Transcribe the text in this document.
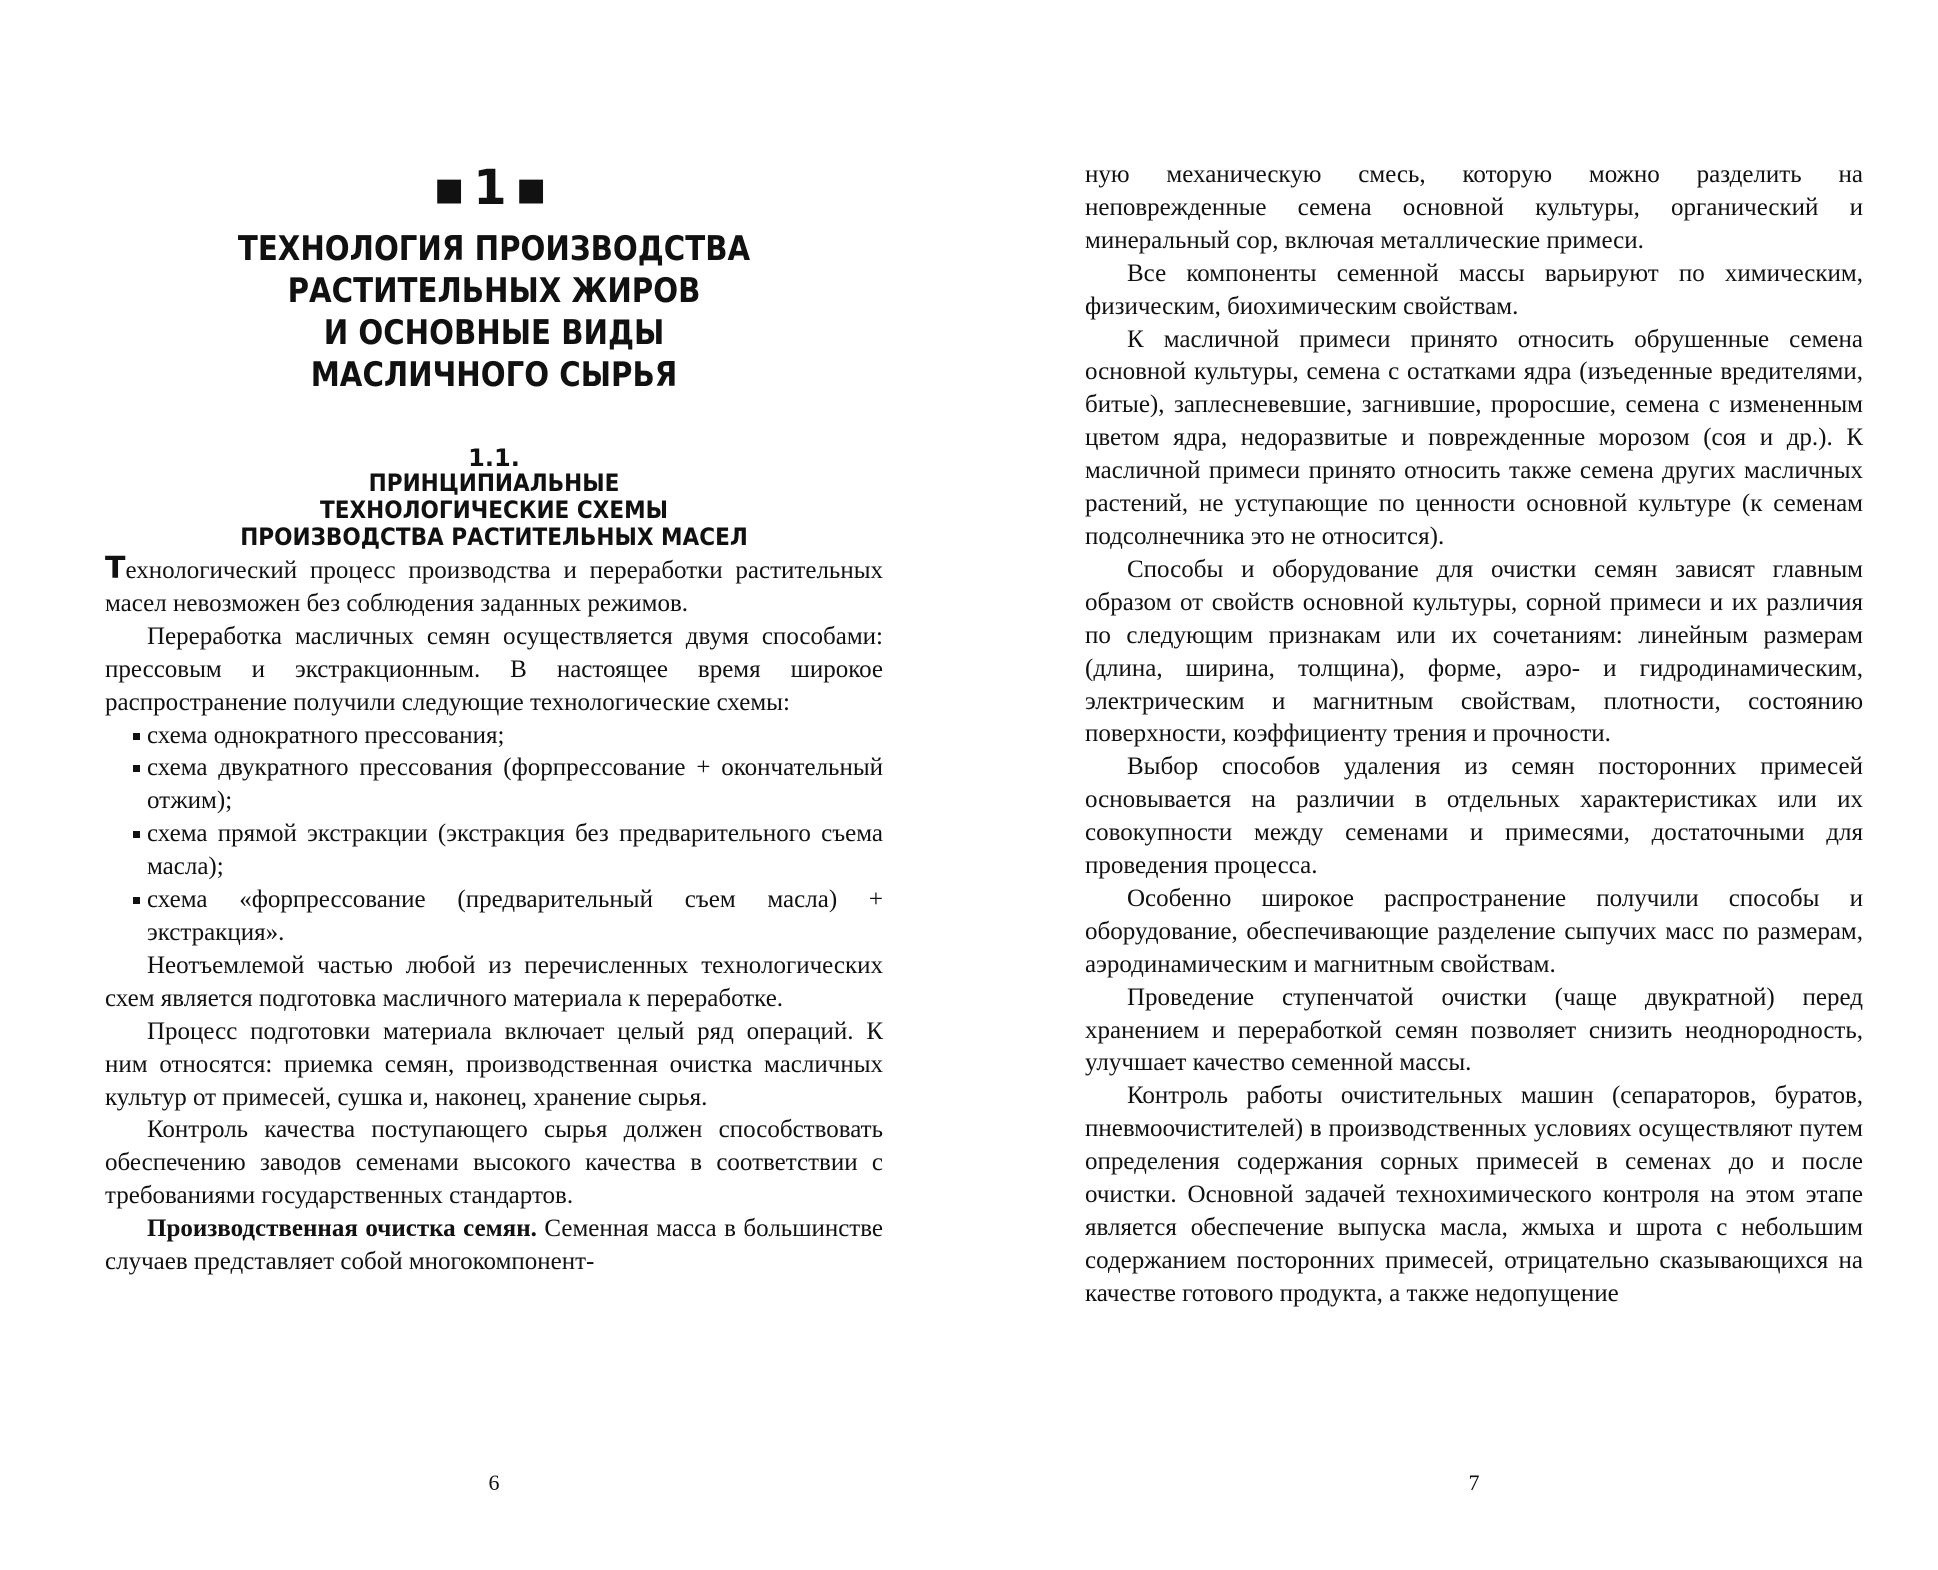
▪1▪
ТЕХНОЛОГИЯ ПРОИЗВОДСТВА
РАСТИТЕЛЬНЫХ ЖИРОВ
И ОСНОВНЫЕ ВИДЫ
МАСЛИЧНОГО СЫРЬЯ
1.1.
ПРИНЦИПИАЛЬНЫЕ
ТЕХНОЛОГИЧЕСКИЕ СХЕМЫ
ПРОИЗВОДСТВА РАСТИТЕЛЬНЫХ МАСЕЛ

Технологический процесс производства и переработки растительных масел невозможен без соблюдения заданных режимов.

Переработка масличных семян осуществляется двумя способами: прессовым и экстракционным. В настоящее время широкое распространение получили следующие технологические схемы:

схема однократного прессования;
схема двукратного прессования (форпрессование + окончательный отжим);
схема прямой экстракции (экстракция без предварительного съема масла);
схема «форпрессование (предварительный съем масла) + экстракция».

Неотъемлемой частью любой из перечисленных технологических схем является подготовка масличного материала к переработке.

Процесс подготовки материала включает целый ряд операций. К ним относятся: приемка семян, производственная очистка масличных культур от примесей, сушка и, наконец, хранение сырья.

Контроль качества поступающего сырья должен способствовать обеспечению заводов семенами высокого качества в соответствии с требованиями государственных стандартов.

Производственная очистка семян. Семенная масса в большинстве случаев представляет собой многокомпонент-

6

ную механическую смесь, которую можно разделить на неповрежденные семена основной культуры, органический и минеральный сор, включая металлические примеси.

Все компоненты семенной массы варьируют по химическим, физическим, биохимическим свойствам.

К масличной примеси принято относить обрушенные семена основной культуры, семена с остатками ядра (изъеденные вредителями, битые), заплесневевшие, загнившие, проросшие, семена с измененным цветом ядра, недоразвитые и поврежденные морозом (соя и др.). К масличной примеси принято относить также семена других масличных растений, не уступающие по ценности основной культуре (к семенам подсолнечника это не относится).

Способы и оборудование для очистки семян зависят главным образом от свойств основной культуры, сорной примеси и их различия по следующим признакам или их сочетаниям: линейным размерам (длина, ширина, толщина), форме, аэро- и гидродинамическим, электрическим и магнитным свойствам, плотности, состоянию поверхности, коэффициенту трения и прочности.

Выбор способов удаления из семян посторонних примесей основывается на различии в отдельных характеристиках или их совокупности между семенами и примесями, достаточными для проведения процесса.

Особенно широкое распространение получили способы и оборудование, обеспечивающие разделение сыпучих масс по размерам, аэродинамическим и магнитным свойствам.

Проведение ступенчатой очистки (чаще двукратной) перед хранением и переработкой семян позволяет снизить неоднородность, улучшает качество семенной массы.

Контроль работы очистительных машин (сепараторов, буратов, пневмоочистителей) в производственных условиях осуществляют путем определения содержания сорных примесей в семенах до и после очистки. Основной задачей технохимического контроля на этом этапе является обеспечение выпуска масла, жмыха и шрота с небольшим содержанием посторонних примесей, отрицательно сказывающихся на качестве готового продукта, а также недопущение

7
